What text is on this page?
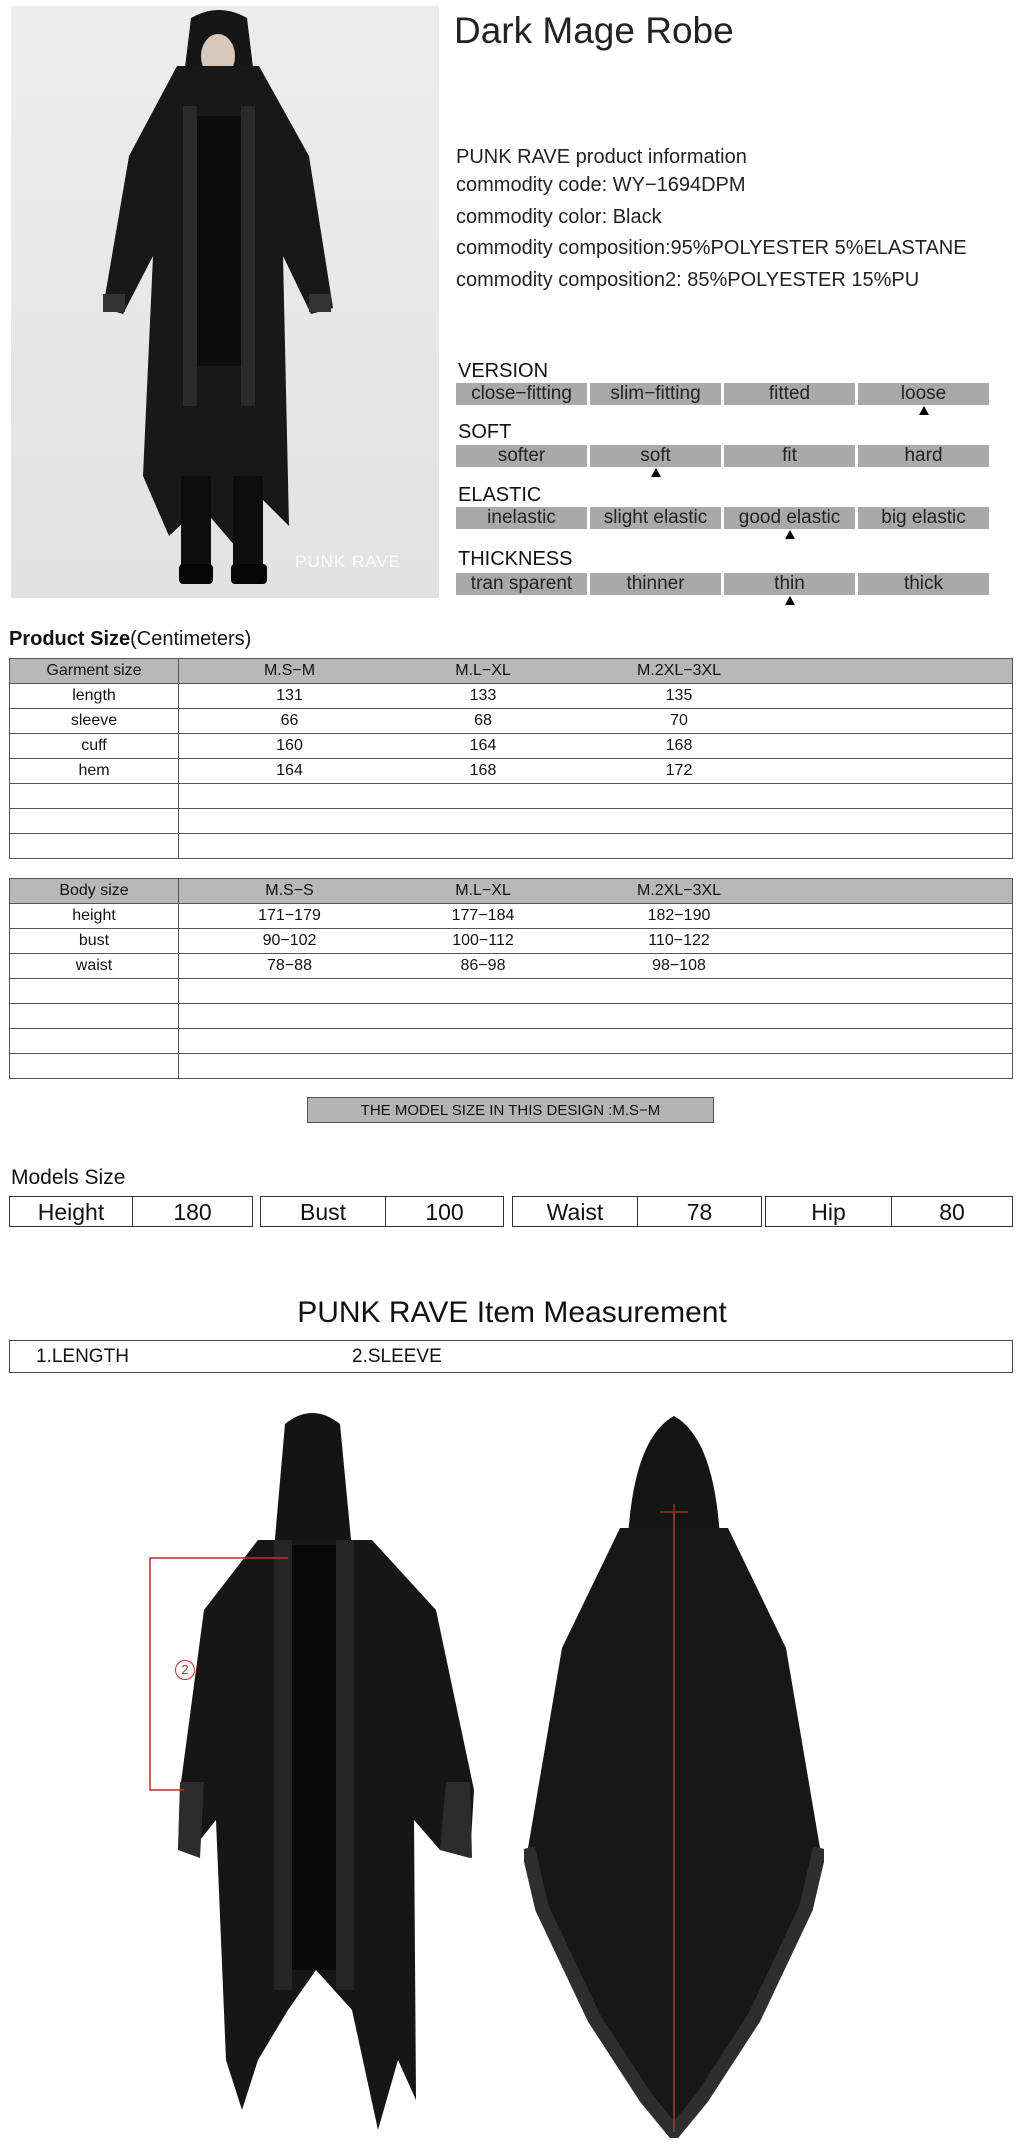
PUNK RAVE
Dark Mage Robe
PUNK RAVE product information
commodity code: WY−1694DPM
commodity color: Black
commodity composition:95%POLYESTER 5%ELASTANE
commodity composition2: 85%POLYESTER 15%PU
VERSION
close−fitting	slim−fitting	fitted	loose
SOFT
softer	soft	fit	hard
ELASTIC
inelastic	slight elastic	good elastic	big elastic
THICKNESS
tran sparent	thinner	thin	thick
Product Size(Centimeters)
Garment size	M.S−M M.L−XL M.2XL−3XL

length	131 133 135

sleeve	66 68 70

cuff	160 164 168

hem	164 168 172

Body size	M.S−S M.L−XL M.2XL−3XL

height	171−179 177−184 182−190

bust	90−102 100−112 110−122

waist	78−88 86−98 98−108

THE MODEL SIZE IN THIS DESIGN :M.S−M
Models Size
Height	180	Bust	100	Waist	78	Hip	80
PUNK RAVE Item Measurement
1.LENGTH	2.SLEEVE
2
